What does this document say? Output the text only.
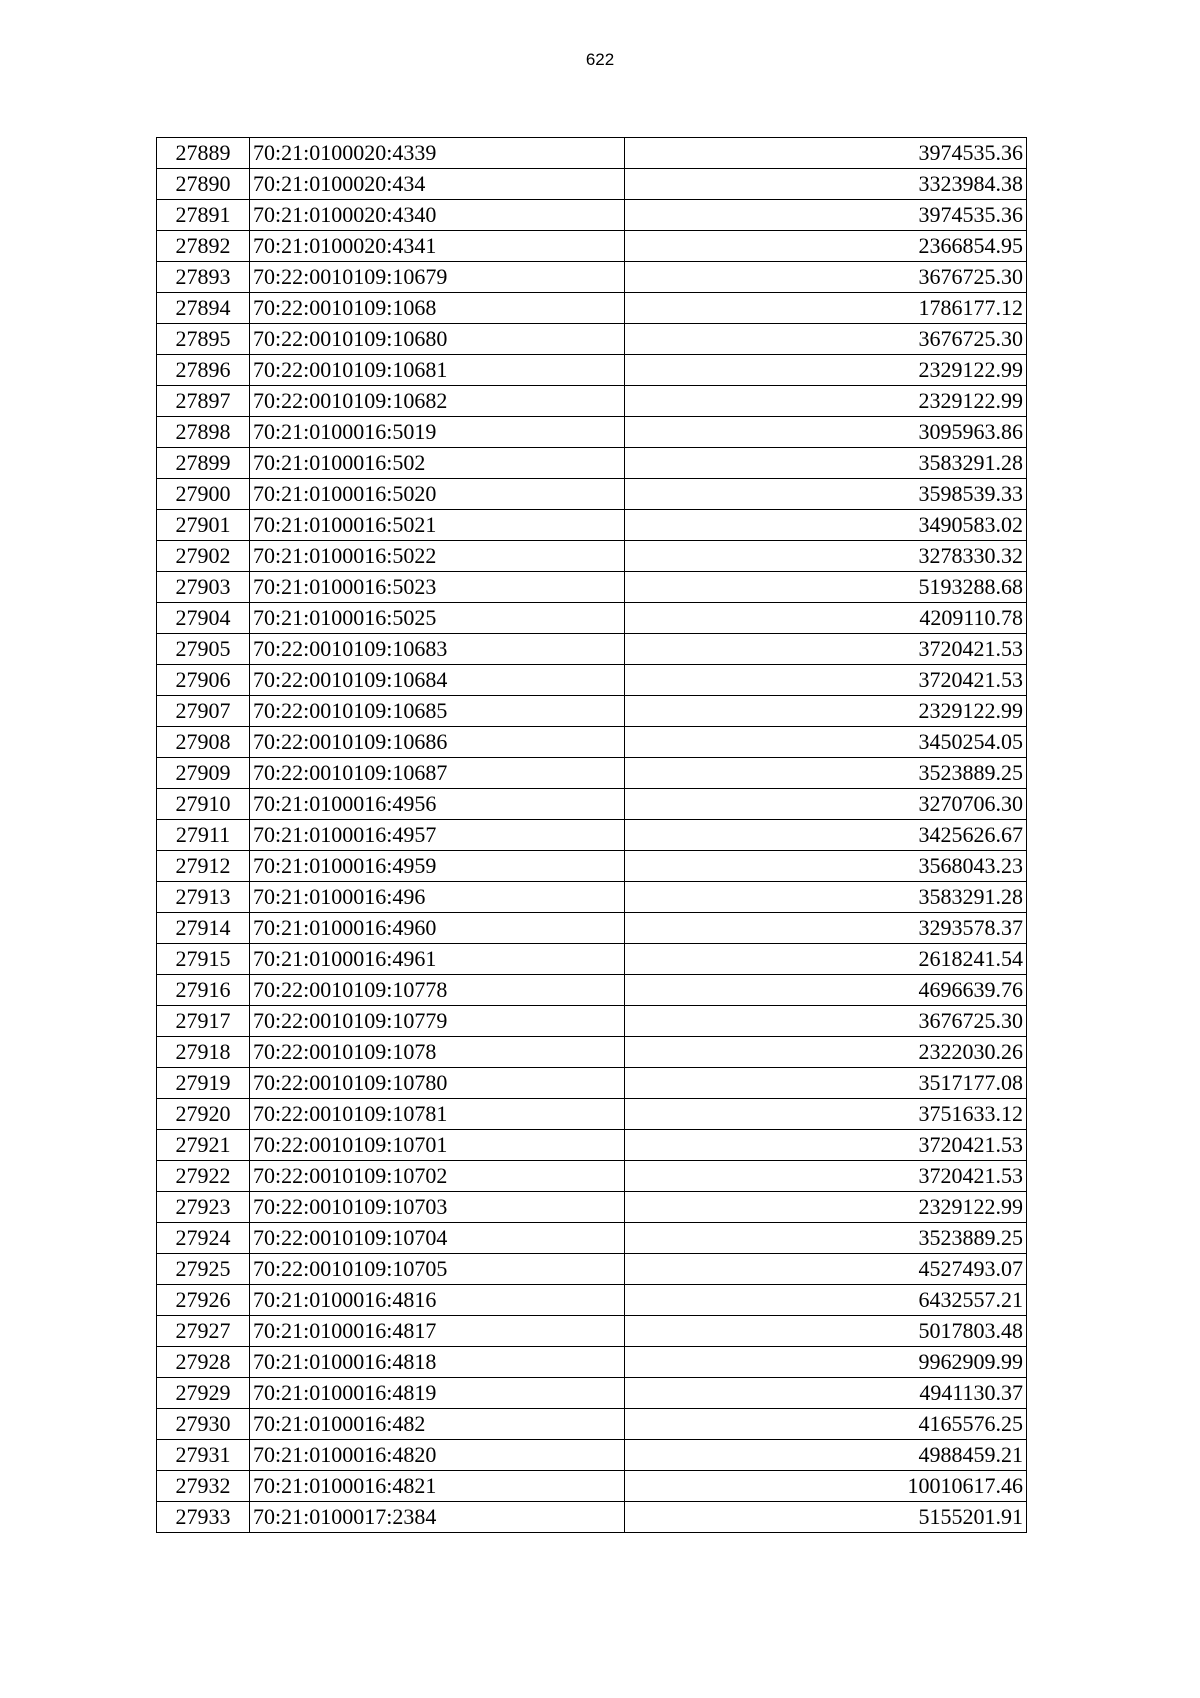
622
27889	70:21:0100020:4339	3974535.36
27890	70:21:0100020:434	3323984.38
27891	70:21:0100020:4340	3974535.36
27892	70:21:0100020:4341	2366854.95
27893	70:22:0010109:10679	3676725.30
27894	70:22:0010109:1068	1786177.12
27895	70:22:0010109:10680	3676725.30
27896	70:22:0010109:10681	2329122.99
27897	70:22:0010109:10682	2329122.99
27898	70:21:0100016:5019	3095963.86
27899	70:21:0100016:502	3583291.28
27900	70:21:0100016:5020	3598539.33
27901	70:21:0100016:5021	3490583.02
27902	70:21:0100016:5022	3278330.32
27903	70:21:0100016:5023	5193288.68
27904	70:21:0100016:5025	4209110.78
27905	70:22:0010109:10683	3720421.53
27906	70:22:0010109:10684	3720421.53
27907	70:22:0010109:10685	2329122.99
27908	70:22:0010109:10686	3450254.05
27909	70:22:0010109:10687	3523889.25
27910	70:21:0100016:4956	3270706.30
27911	70:21:0100016:4957	3425626.67
27912	70:21:0100016:4959	3568043.23
27913	70:21:0100016:496	3583291.28
27914	70:21:0100016:4960	3293578.37
27915	70:21:0100016:4961	2618241.54
27916	70:22:0010109:10778	4696639.76
27917	70:22:0010109:10779	3676725.30
27918	70:22:0010109:1078	2322030.26
27919	70:22:0010109:10780	3517177.08
27920	70:22:0010109:10781	3751633.12
27921	70:22:0010109:10701	3720421.53
27922	70:22:0010109:10702	3720421.53
27923	70:22:0010109:10703	2329122.99
27924	70:22:0010109:10704	3523889.25
27925	70:22:0010109:10705	4527493.07
27926	70:21:0100016:4816	6432557.21
27927	70:21:0100016:4817	5017803.48
27928	70:21:0100016:4818	9962909.99
27929	70:21:0100016:4819	4941130.37
27930	70:21:0100016:482	4165576.25
27931	70:21:0100016:4820	4988459.21
27932	70:21:0100016:4821	10010617.46
27933	70:21:0100017:2384	5155201.91
